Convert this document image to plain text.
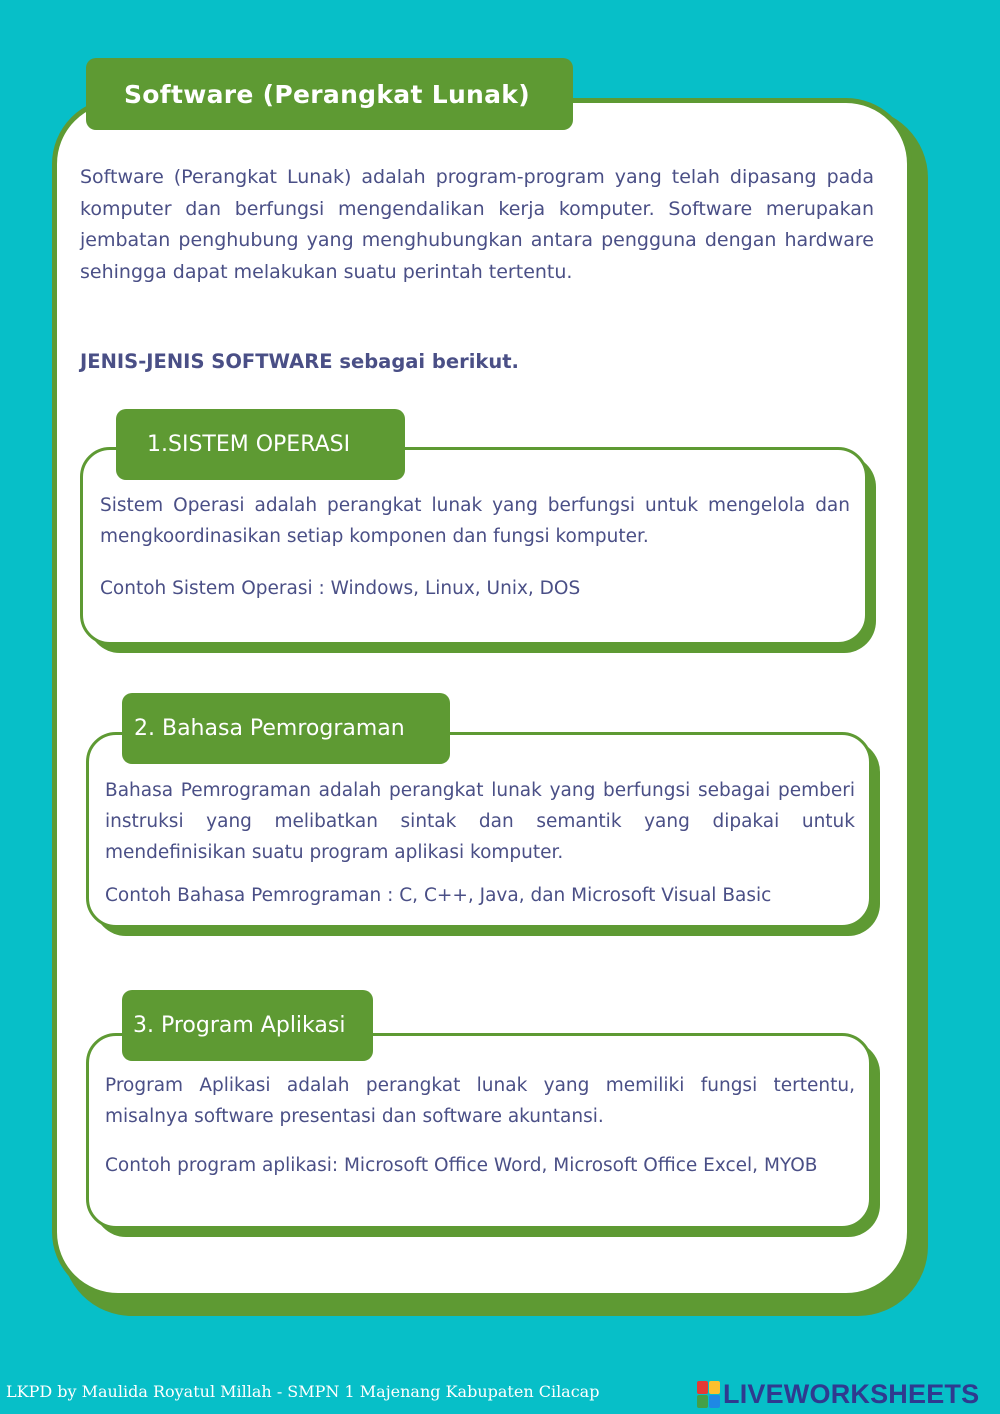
Software (Perangkat Lunak)

Software (Perangkat Lunak) adalah program-program yang telah dipasang pada komputer dan berfungsi mengendalikan kerja komputer. Software merupakan jembatan penghubung yang menghubungkan antara pengguna dengan hardware sehingga dapat melakukan suatu perintah tertentu.

JENIS-JENIS SOFTWARE sebagai berikut.

1.SISTEM OPERASI

Sistem Operasi adalah perangkat lunak yang berfungsi untuk mengelola dan mengkoordinasikan setiap komponen dan fungsi komputer.

Contoh Sistem Operasi : Windows, Linux, Unix, DOS

2. Bahasa Pemrograman

Bahasa Pemrograman adalah perangkat lunak yang berfungsi sebagai pemberi instruksi yang melibatkan sintak dan semantik yang dipakai untuk mendefinisikan suatu program aplikasi komputer.

Contoh Bahasa Pemrograman : C, C++, Java, dan Microsoft Visual Basic

3. Program Aplikasi

Program Aplikasi adalah perangkat lunak yang memiliki fungsi tertentu, misalnya software presentasi dan software akuntansi.

Contoh program aplikasi: Microsoft Office Word, Microsoft Office Excel, MYOB

LKPD by Maulida Royatul Millah - SMPN 1 Majenang Kabupaten Cilacap	LIVEWORKSHEETS
